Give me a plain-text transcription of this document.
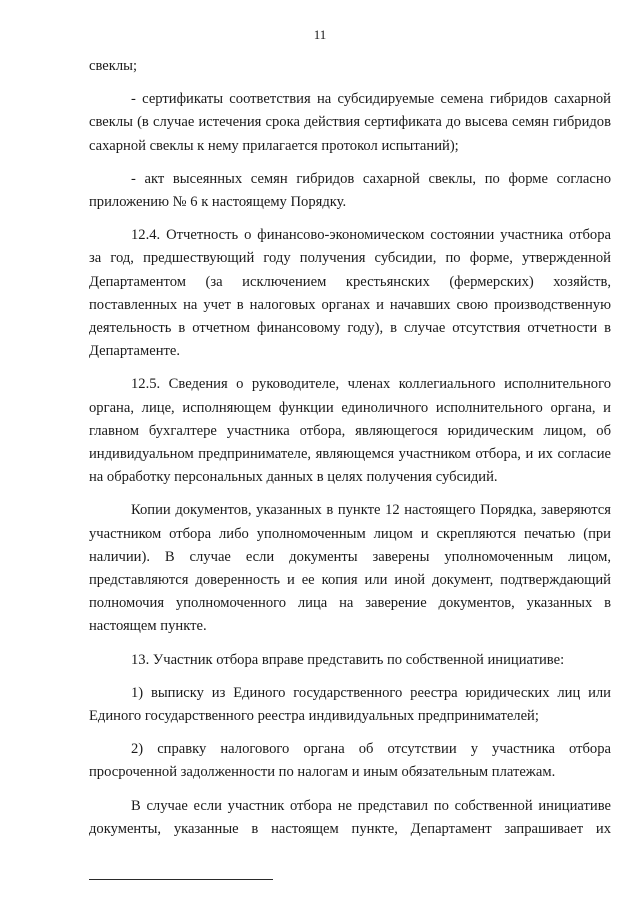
11

свеклы;

- сертификаты соответствия на субсидируемые семена гибридов сахарной свеклы (в случае истечения срока действия сертификата до высева семян гибридов сахарной свеклы к нему прилагается протокол испытаний);

- акт высеянных семян гибридов сахарной свеклы, по форме согласно приложению № 6 к настоящему Порядку.

12.4. Отчетность о финансово-экономическом состоянии участника отбора за год, предшествующий году получения субсидии, по форме, утвержденной Департаментом (за исключением крестьянских (фермерских) хозяйств, поставленных на учет в налоговых органах и начавших свою производственную деятельность в отчетном финансовому году), в случае отсутствия отчетности в Департаменте.

12.5. Сведения о руководителе, членах коллегиального исполнительного органа, лице, исполняющем функции единоличного исполнительного органа, и главном бухгалтере участника отбора, являющегося юридическим лицом, об индивидуальном предпринимателе, являющемся участником отбора, и их согласие на обработку персональных данных в целях получения субсидий.

Копии документов, указанных в пункте 12 настоящего Порядка, заверяются участником отбора либо уполномоченным лицом и скрепляются печатью (при наличии). В случае если документы заверены уполномоченным лицом, представляются доверенность и ее копия или иной документ, подтверждающий полномочия уполномоченного лица на заверение документов, указанных в настоящем пункте.

13. Участник отбора вправе представить по собственной инициативе:

1) выписку из Единого государственного реестра юридических лиц или Единого государственного реестра индивидуальных предпринимателей;

2) справку налогового органа об отсутствии у участника отбора просроченной задолженности по налогам и иным обязательным платежам.

В случае если участник отбора не представил по собственной инициативе документы, указанные в настоящем пункте, Департамент запрашивает их
